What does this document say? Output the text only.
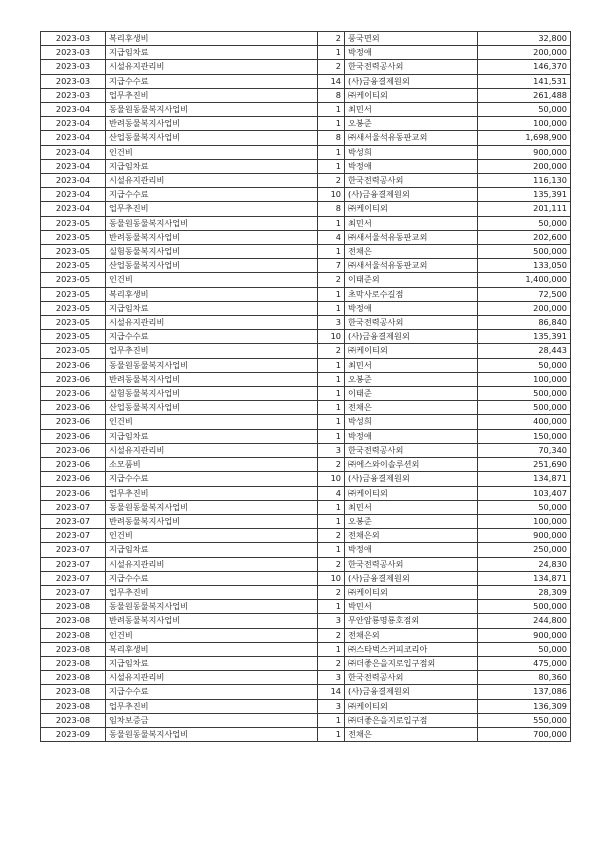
2023-03	복리후생비	2	풍국면외	32,800
2023-03	지급임차료	1	박정애	200,000
2023-03	시설유지관리비	2	한국전력공사외	146,370
2023-03	지급수수료	14	(사)금융결제원외	141,531
2023-03	업무추진비	8	㈜케이티외	261,488
2023-04	동물원동물복지사업비	1	최민서	50,000
2023-04	반려동물복지사업비	1	오봉준	100,000
2023-04	산업동물복지사업비	8	㈜새서울석유동판교외	1,698,900
2023-04	인건비	1	박성희	900,000
2023-04	지급임차료	1	박정애	200,000
2023-04	시설유지관리비	2	한국전력공사외	116,130
2023-04	지급수수료	10	(사)금융결제원외	135,391
2023-04	업무추진비	8	㈜케이티외	201,111
2023-05	동물원동물복지사업비	1	최민서	50,000
2023-05	반려동물복지사업비	4	㈜새서울석유동판교외	202,600
2023-05	실험동물복지사업비	1	전채은	500,000
2023-05	산업동물복지사업비	7	㈜새서울석유동판교외	133,050
2023-05	인건비	2	이태준외	1,400,000
2023-05	복리후생비	1	초막사로수길점	72,500
2023-05	지급임차료	1	박정애	200,000
2023-05	시설유지관리비	3	한국전력공사외	86,840
2023-05	지급수수료	10	(사)금융결제원외	135,391
2023-05	업무추진비	2	㈜케이티외	28,443
2023-06	동물원동물복지사업비	1	최민서	50,000
2023-06	반려동물복지사업비	1	오봉준	100,000
2023-06	실험동물복지사업비	1	이태준	500,000
2023-06	산업동물복지사업비	1	전채은	500,000
2023-06	인건비	1	박성희	400,000
2023-06	지급임차료	1	박정애	150,000
2023-06	시설유지관리비	3	한국전력공사외	70,340
2023-06	소모품비	2	㈜에스와이솔루션외	251,690
2023-06	지급수수료	10	(사)금융결제원외	134,871
2023-06	업무추진비	4	㈜케이티외	103,407
2023-07	동물원동물복지사업비	1	최민서	50,000
2023-07	반려동물복지사업비	1	오봉준	100,000
2023-07	인건비	2	전채은외	900,000
2023-07	지급임차료	1	박정애	250,000
2023-07	시설유지관리비	2	한국전력공사외	24,830
2023-07	지급수수료	10	(사)금융결제원외	134,871
2023-07	업무추진비	2	㈜케이티외	28,309
2023-08	동물원동물복지사업비	1	박민서	500,000
2023-08	반려동물복지사업비	3	무안암룡명룡호점외	244,800
2023-08	인건비	2	전채은외	900,000
2023-08	복리후생비	1	㈜스타벅스커피코리아	50,000
2023-08	지급임차료	2	㈜더좋은을지로입구점외	475,000
2023-08	시설유지관리비	3	한국전력공사외	80,360
2023-08	지급수수료	14	(사)금융결제원외	137,086
2023-08	업무추진비	3	㈜케이티외	136,309
2023-08	임차보증금	1	㈜더좋은을지로입구점	550,000
2023-09	동물원동물복지사업비	1	전채은	700,000
